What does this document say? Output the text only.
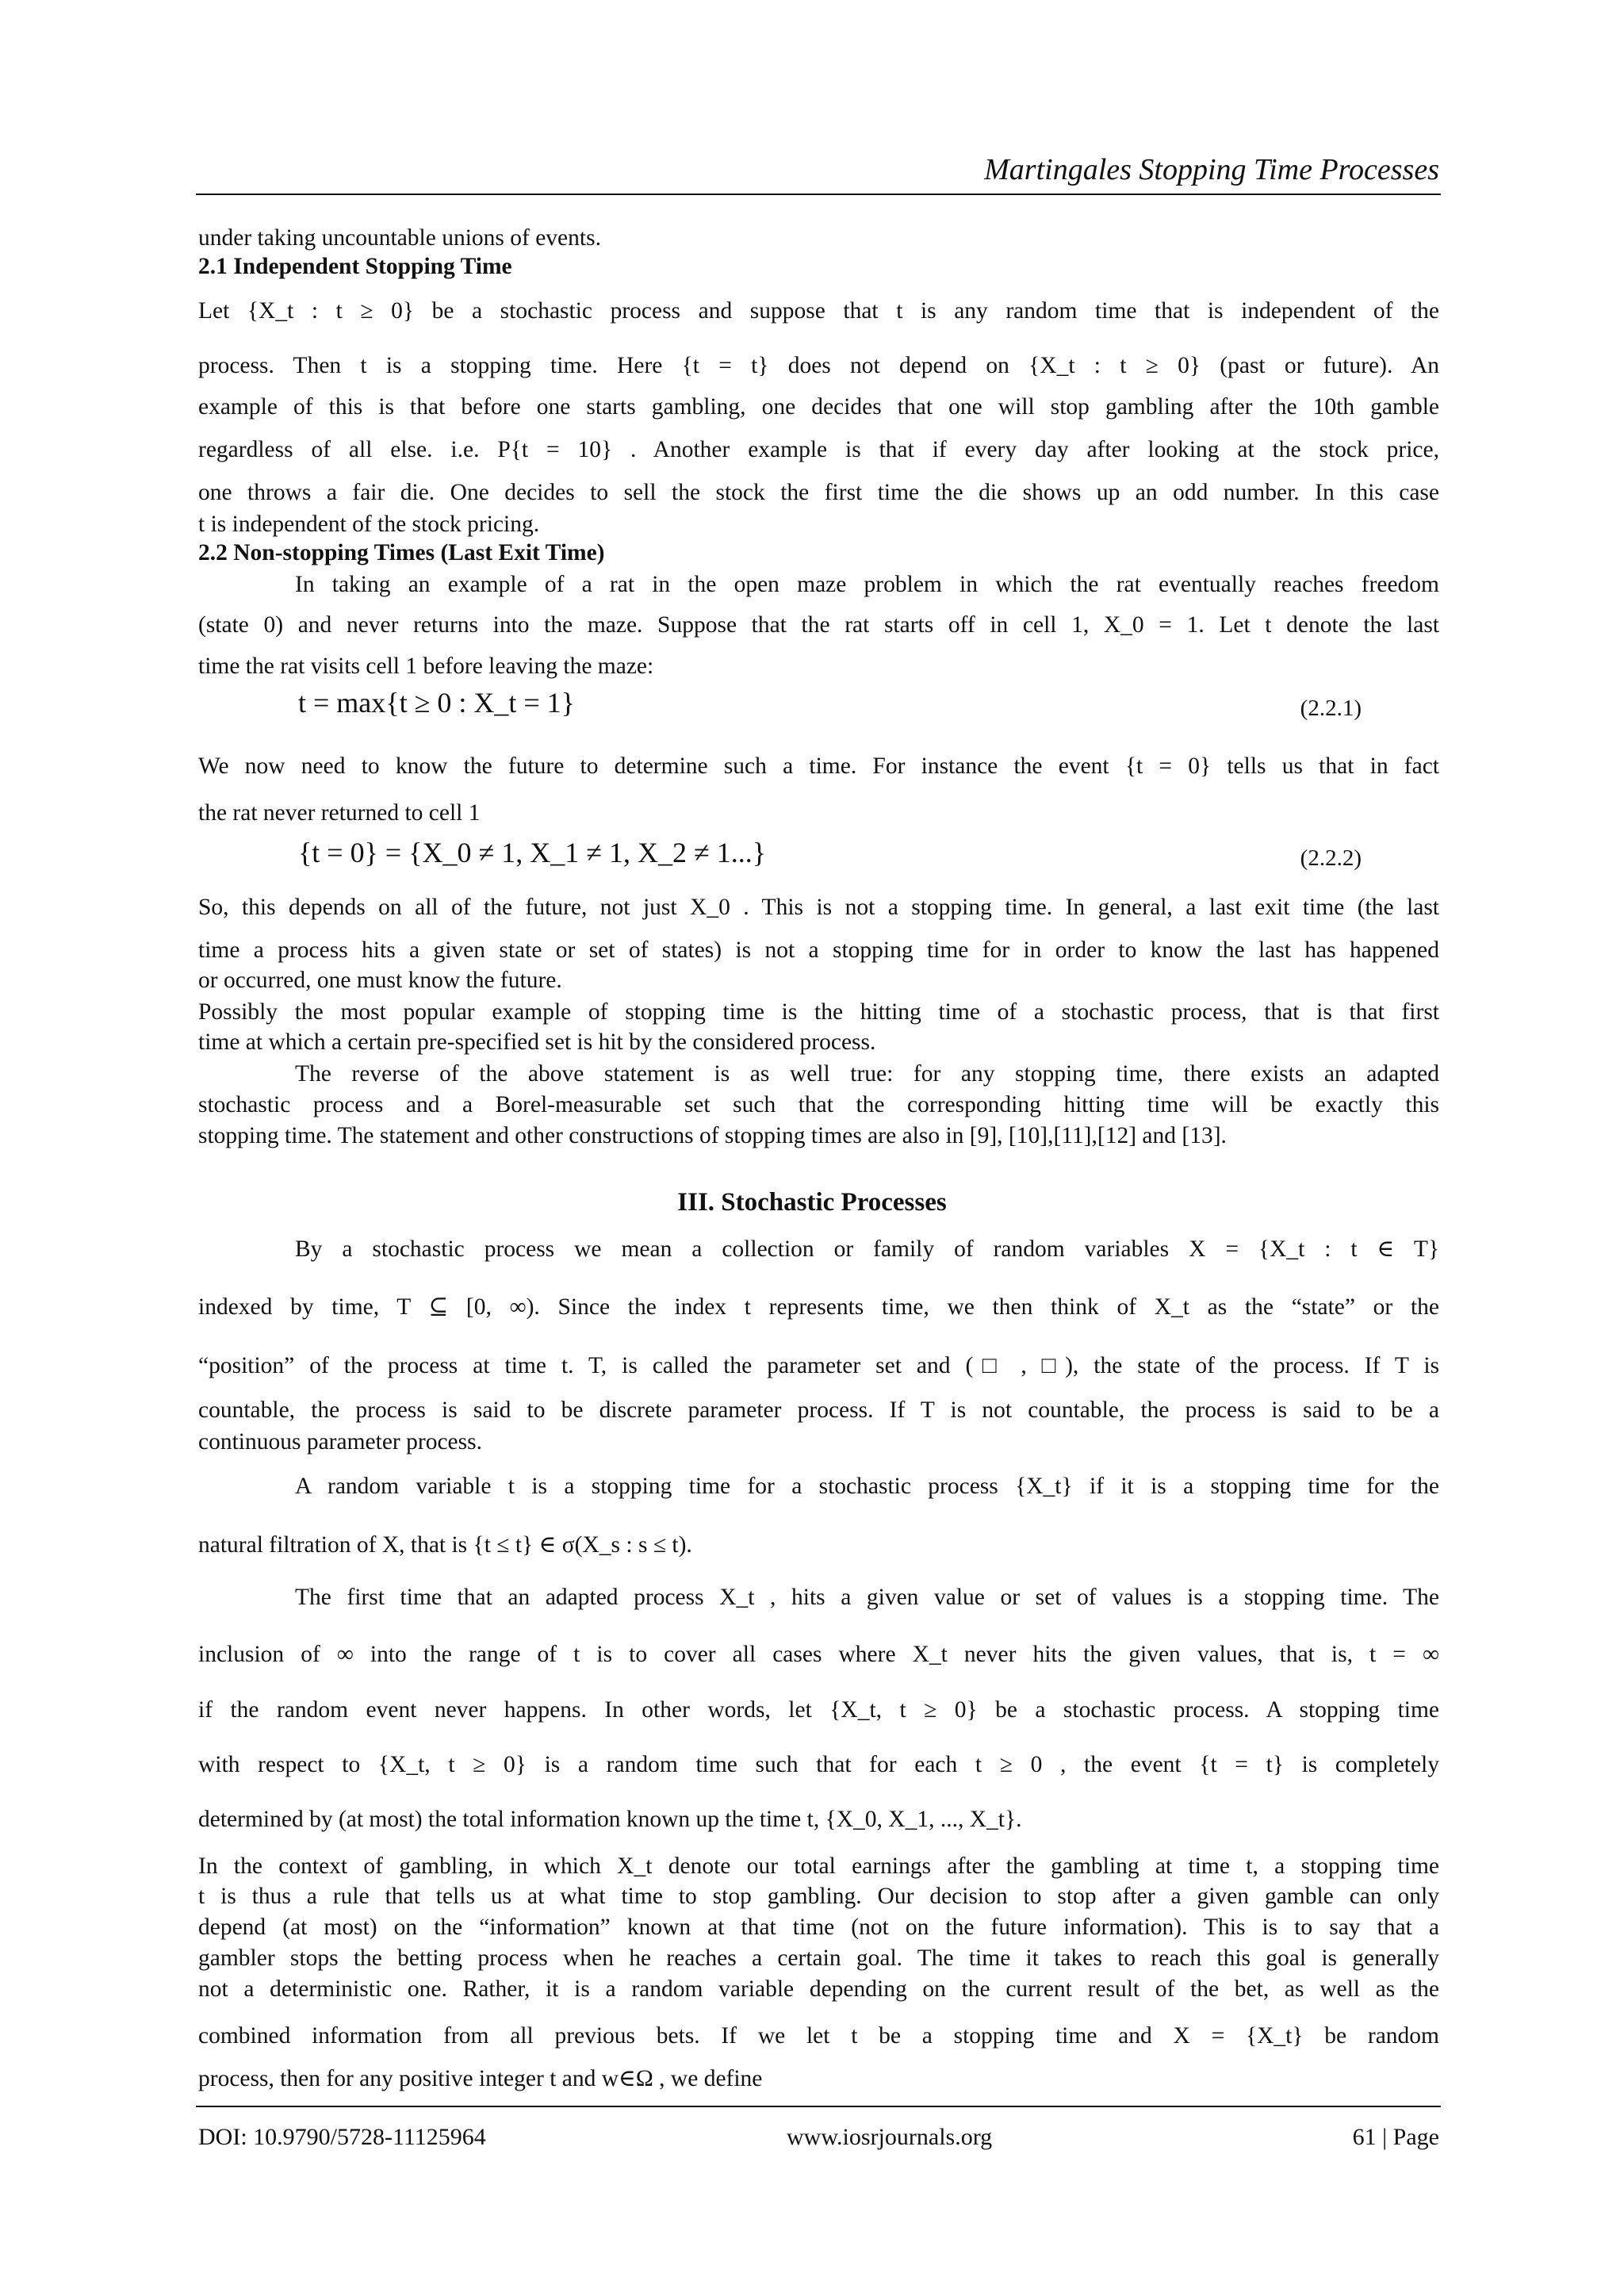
Martingales Stopping Time Processes
under taking uncountable unions of events.
2.1 Independent Stopping Time
Let {X_t : t ≥ 0} be a stochastic process and suppose that t is any random time that is independent of the
process. Then t is a stopping time. Here {t = t} does not depend on {X_t : t ≥ 0} (past or future). An
example of this is that before one starts gambling, one decides that one will stop gambling after the 10th gamble
regardless of all else. i.e. P{t = 10} . Another example is that if every day after looking at the stock price,
one throws a fair die. One decides to sell the stock the first time the die shows up an odd number. In this case
t is independent of the stock pricing.
2.2 Non-stopping Times (Last Exit Time)
In taking an example of a rat in the open maze problem in which the rat eventually reaches freedom
(state 0) and never returns into the maze. Suppose that the rat starts off in cell 1, X_0 = 1. Let t denote the last
time the rat visits cell 1 before leaving the maze:
t = max{t ≥ 0 : X_t = 1}	(2.2.1)
We now need to know the future to determine such a time. For instance the event {t = 0} tells us that in fact
the rat never returned to cell 1
{t = 0} = {X_0 ≠ 1, X_1 ≠ 1, X_2 ≠ 1...}	(2.2.2)
So, this depends on all of the future, not just X_0 . This is not a stopping time. In general, a last exit time (the last
time a process hits a given state or set of states) is not a stopping time for in order to know the last has happened
or occurred, one must know the future.
Possibly the most popular example of stopping time is the hitting time of a stochastic process, that is that first
time at which a certain pre-specified set is hit by the considered process.
The reverse of the above statement is as well true: for any stopping time, there exists an adapted
stochastic process and a Borel-measurable set such that the corresponding hitting time will be exactly this
stopping time. The statement and other constructions of stopping times are also in [9], [10],[11],[12] and [13].
III. Stochastic Processes
By a stochastic process we mean a collection or family of random variables X = {X_t : t ∈ T}
indexed by time, T ⊆ [0, ∞). Since the index t represents time, we then think of X_t as the “state” or the
“position” of the process at time t. T, is called the parameter set and (□ , □), the state of the process. If T is
countable, the process is said to be discrete parameter process. If T is not countable, the process is said to be a
continuous parameter process.
A random variable t is a stopping time for a stochastic process {X_t} if it is a stopping time for the
natural filtration of X, that is {t ≤ t} ∈ σ(X_s : s ≤ t).
The first time that an adapted process X_t , hits a given value or set of values is a stopping time. The
inclusion of ∞ into the range of t is to cover all cases where X_t never hits the given values, that is, t = ∞
if the random event never happens. In other words, let {X_t, t ≥ 0} be a stochastic process. A stopping time
with respect to {X_t, t ≥ 0} is a random time such that for each t ≥ 0 , the event {t = t} is completely
determined by (at most) the total information known up the time t, {X_0, X_1, ..., X_t}.
In the context of gambling, in which X_t denote our total earnings after the gambling at time t, a stopping time
t is thus a rule that tells us at what time to stop gambling. Our decision to stop after a given gamble can only
depend (at most) on the “information” known at that time (not on the future information). This is to say that a
gambler stops the betting process when he reaches a certain goal. The time it takes to reach this goal is generally
not a deterministic one. Rather, it is a random variable depending on the current result of the bet, as well as the
combined information from all previous bets. If we let t be a stopping time and X = {X_t} be random
process, then for any positive integer t and w∈Ω , we define
DOI: 10.9790/5728-11125964	www.iosrjournals.org	61 | Page
